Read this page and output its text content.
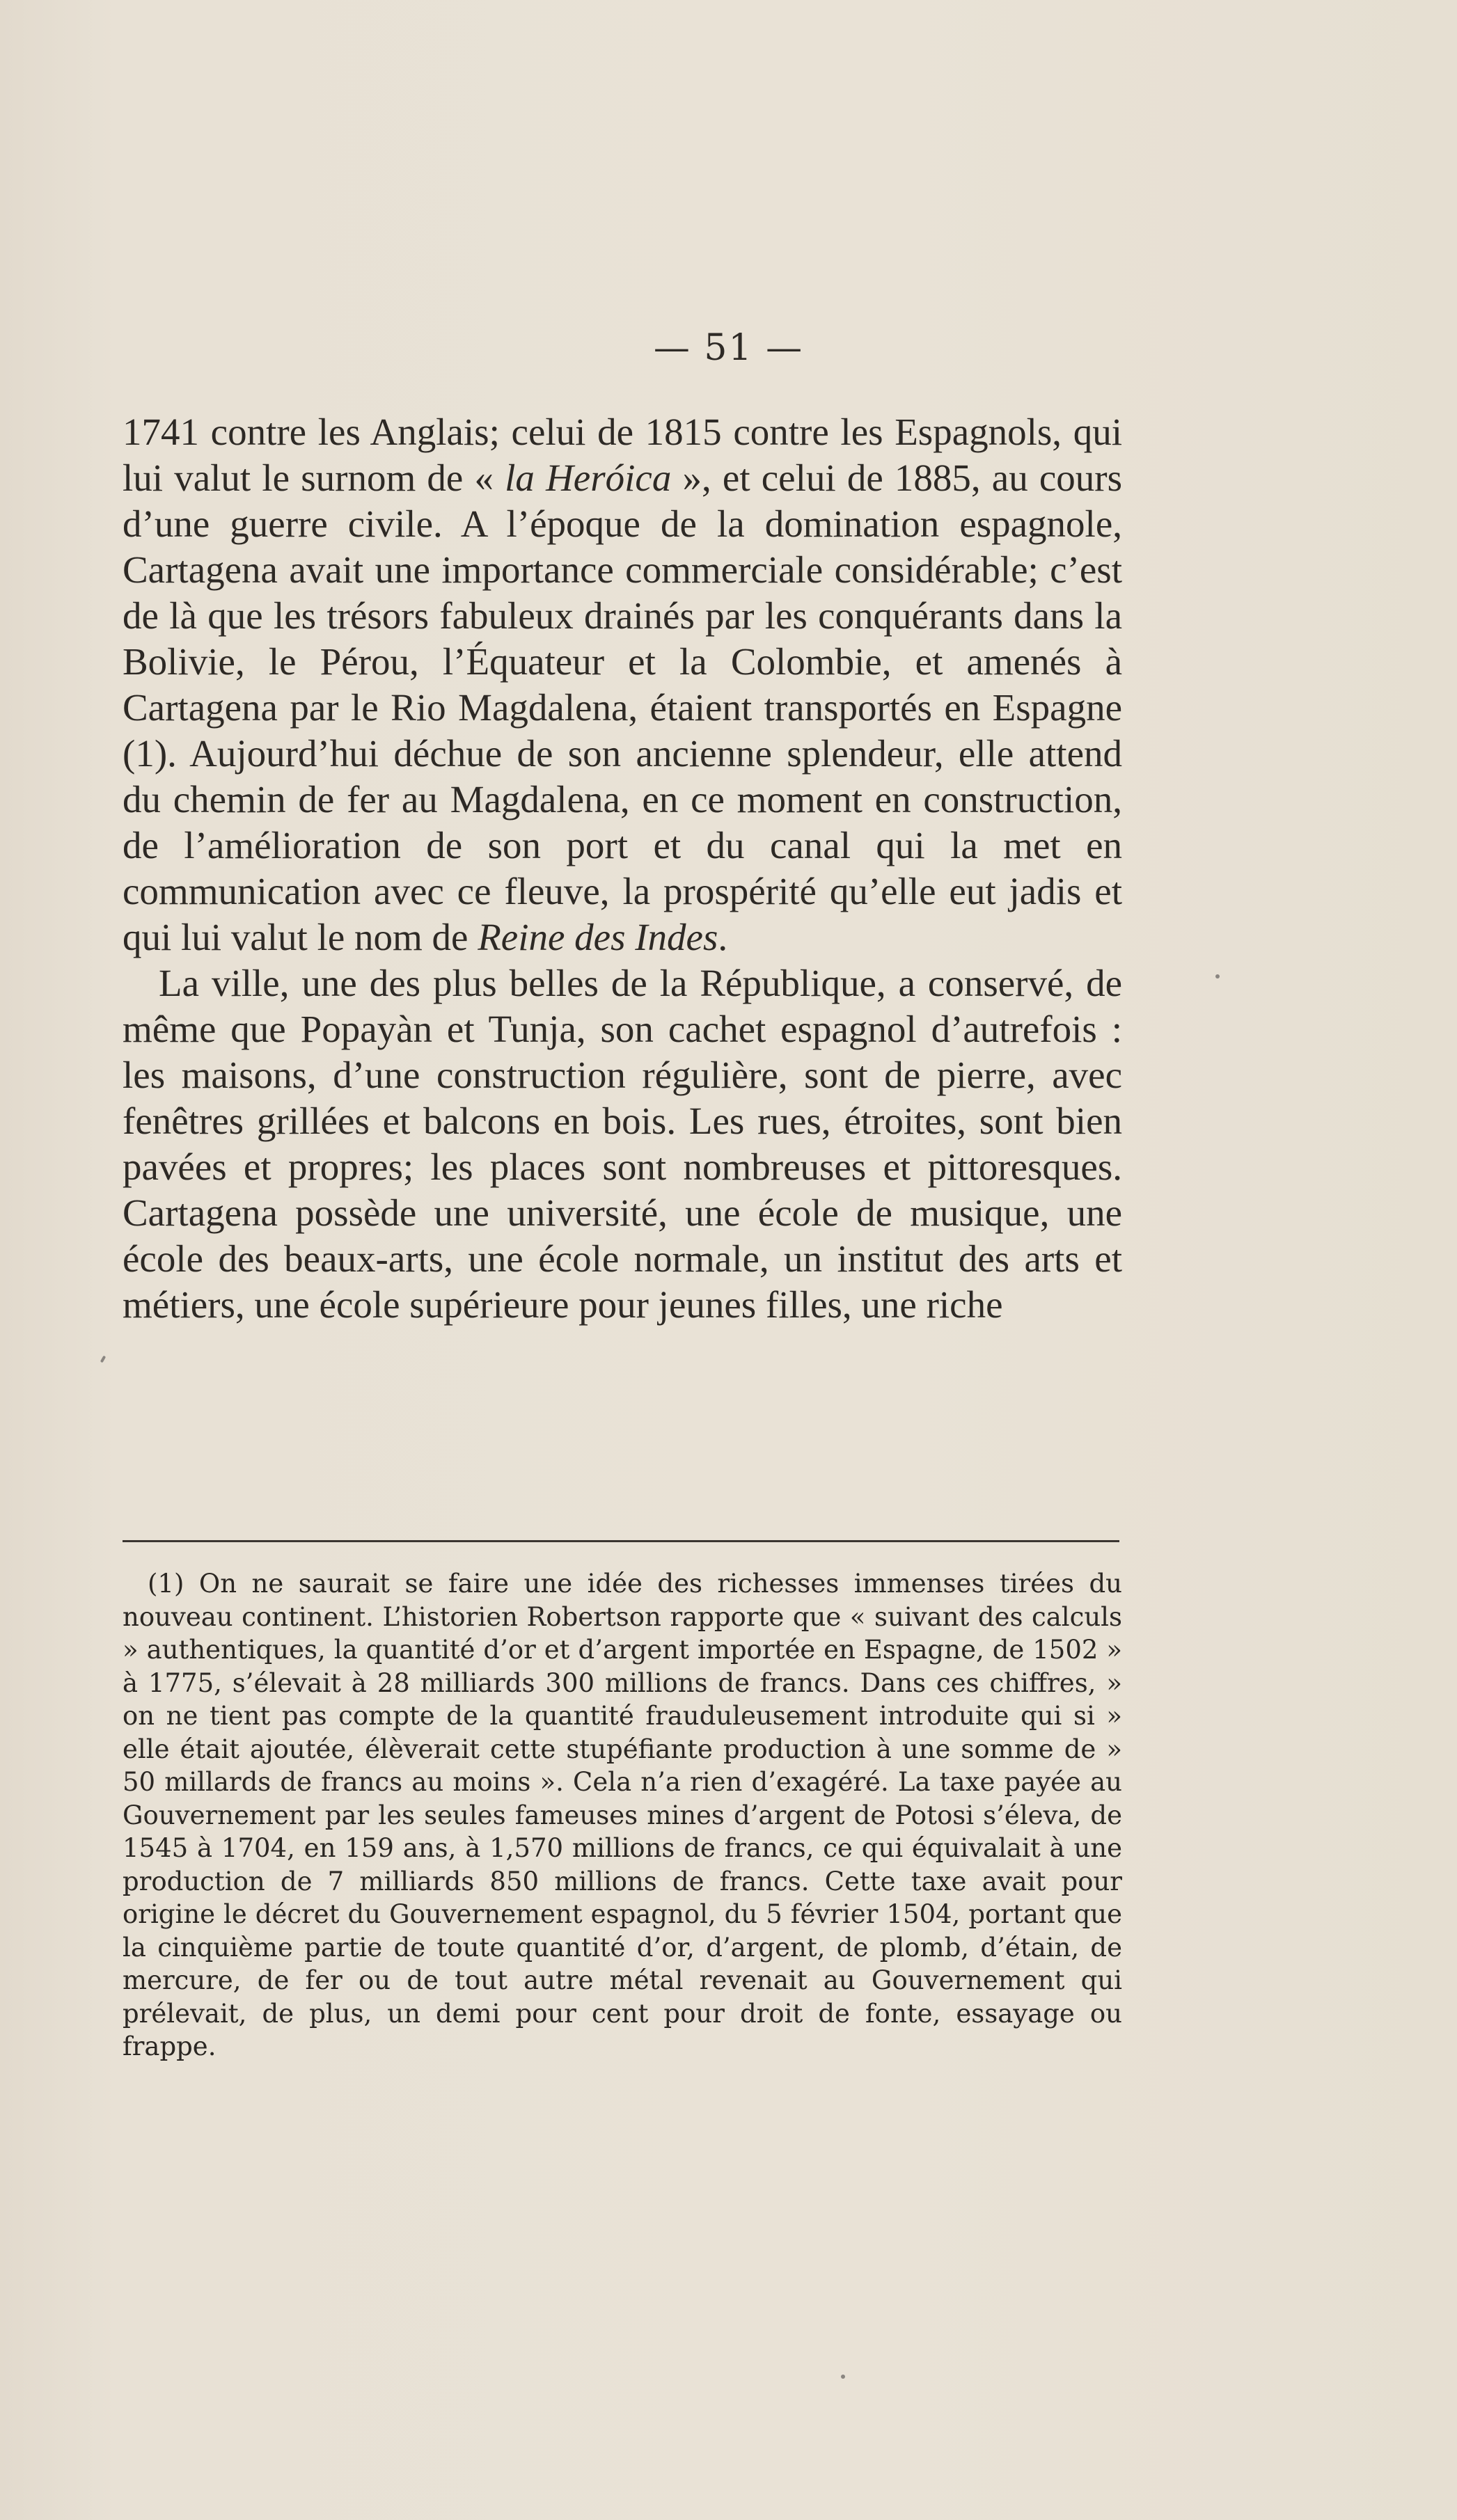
— 51 —

1741 contre les Anglais; celui de 1815 contre les Espagnols, qui lui valut le surnom de « la Heróica », et celui de 1885, au cours d’une guerre civile. A l’époque de la domination espagnole, Cartagena avait une importance commerciale considérable; c’est de là que les trésors fabuleux drainés par les conquérants dans la Bolivie, le Pérou, l’Équateur et la Colombie, et amenés à Cartagena par le Rio Magdalena, étaient transportés en Espagne (1). Aujourd’hui déchue de son ancienne splendeur, elle attend du chemin de fer au Magdalena, en ce moment en construction, de l’amélioration de son port et du canal qui la met en communication avec ce fleuve, la prospérité qu’elle eut jadis et qui lui valut le nom de Reine des Indes.

La ville, une des plus belles de la République, a conservé, de même que Popayàn et Tunja, son cachet espagnol d’autrefois : les maisons, d’une construction régulière, sont de pierre, avec fenêtres grillées et balcons en bois. Les rues, étroites, sont bien pavées et propres; les places sont nombreuses et pittoresques. Cartagena possède une université, une école de musique, une école des beaux-arts, une école normale, un institut des arts et métiers, une école supérieure pour jeunes filles, une riche

(1) On ne saurait se faire une idée des richesses immenses tirées du nouveau continent. L’historien Robertson rapporte que « suivant des calculs » authentiques, la quantité d’or et d’argent importée en Espagne, de 1502 » à 1775, s’élevait à 28 milliards 300 millions de francs. Dans ces chiffres, » on ne tient pas compte de la quantité frauduleusement introduite qui si » elle était ajoutée, élèverait cette stupéfiante production à une somme de » 50 millards de francs au moins ». Cela n’a rien d’exagéré. La taxe payée au Gouvernement par les seules fameuses mines d’argent de Potosi s’éleva, de 1545 à 1704, en 159 ans, à 1,570 millions de francs, ce qui équivalait à une production de 7 milliards 850 millions de francs. Cette taxe avait pour origine le décret du Gouvernement espagnol, du 5 février 1504, portant que la cinquième partie de toute quantité d’or, d’argent, de plomb, d’étain, de mercure, de fer ou de tout autre métal revenait au Gouvernement qui prélevait, de plus, un demi pour cent pour droit de fonte, essayage ou frappe.
